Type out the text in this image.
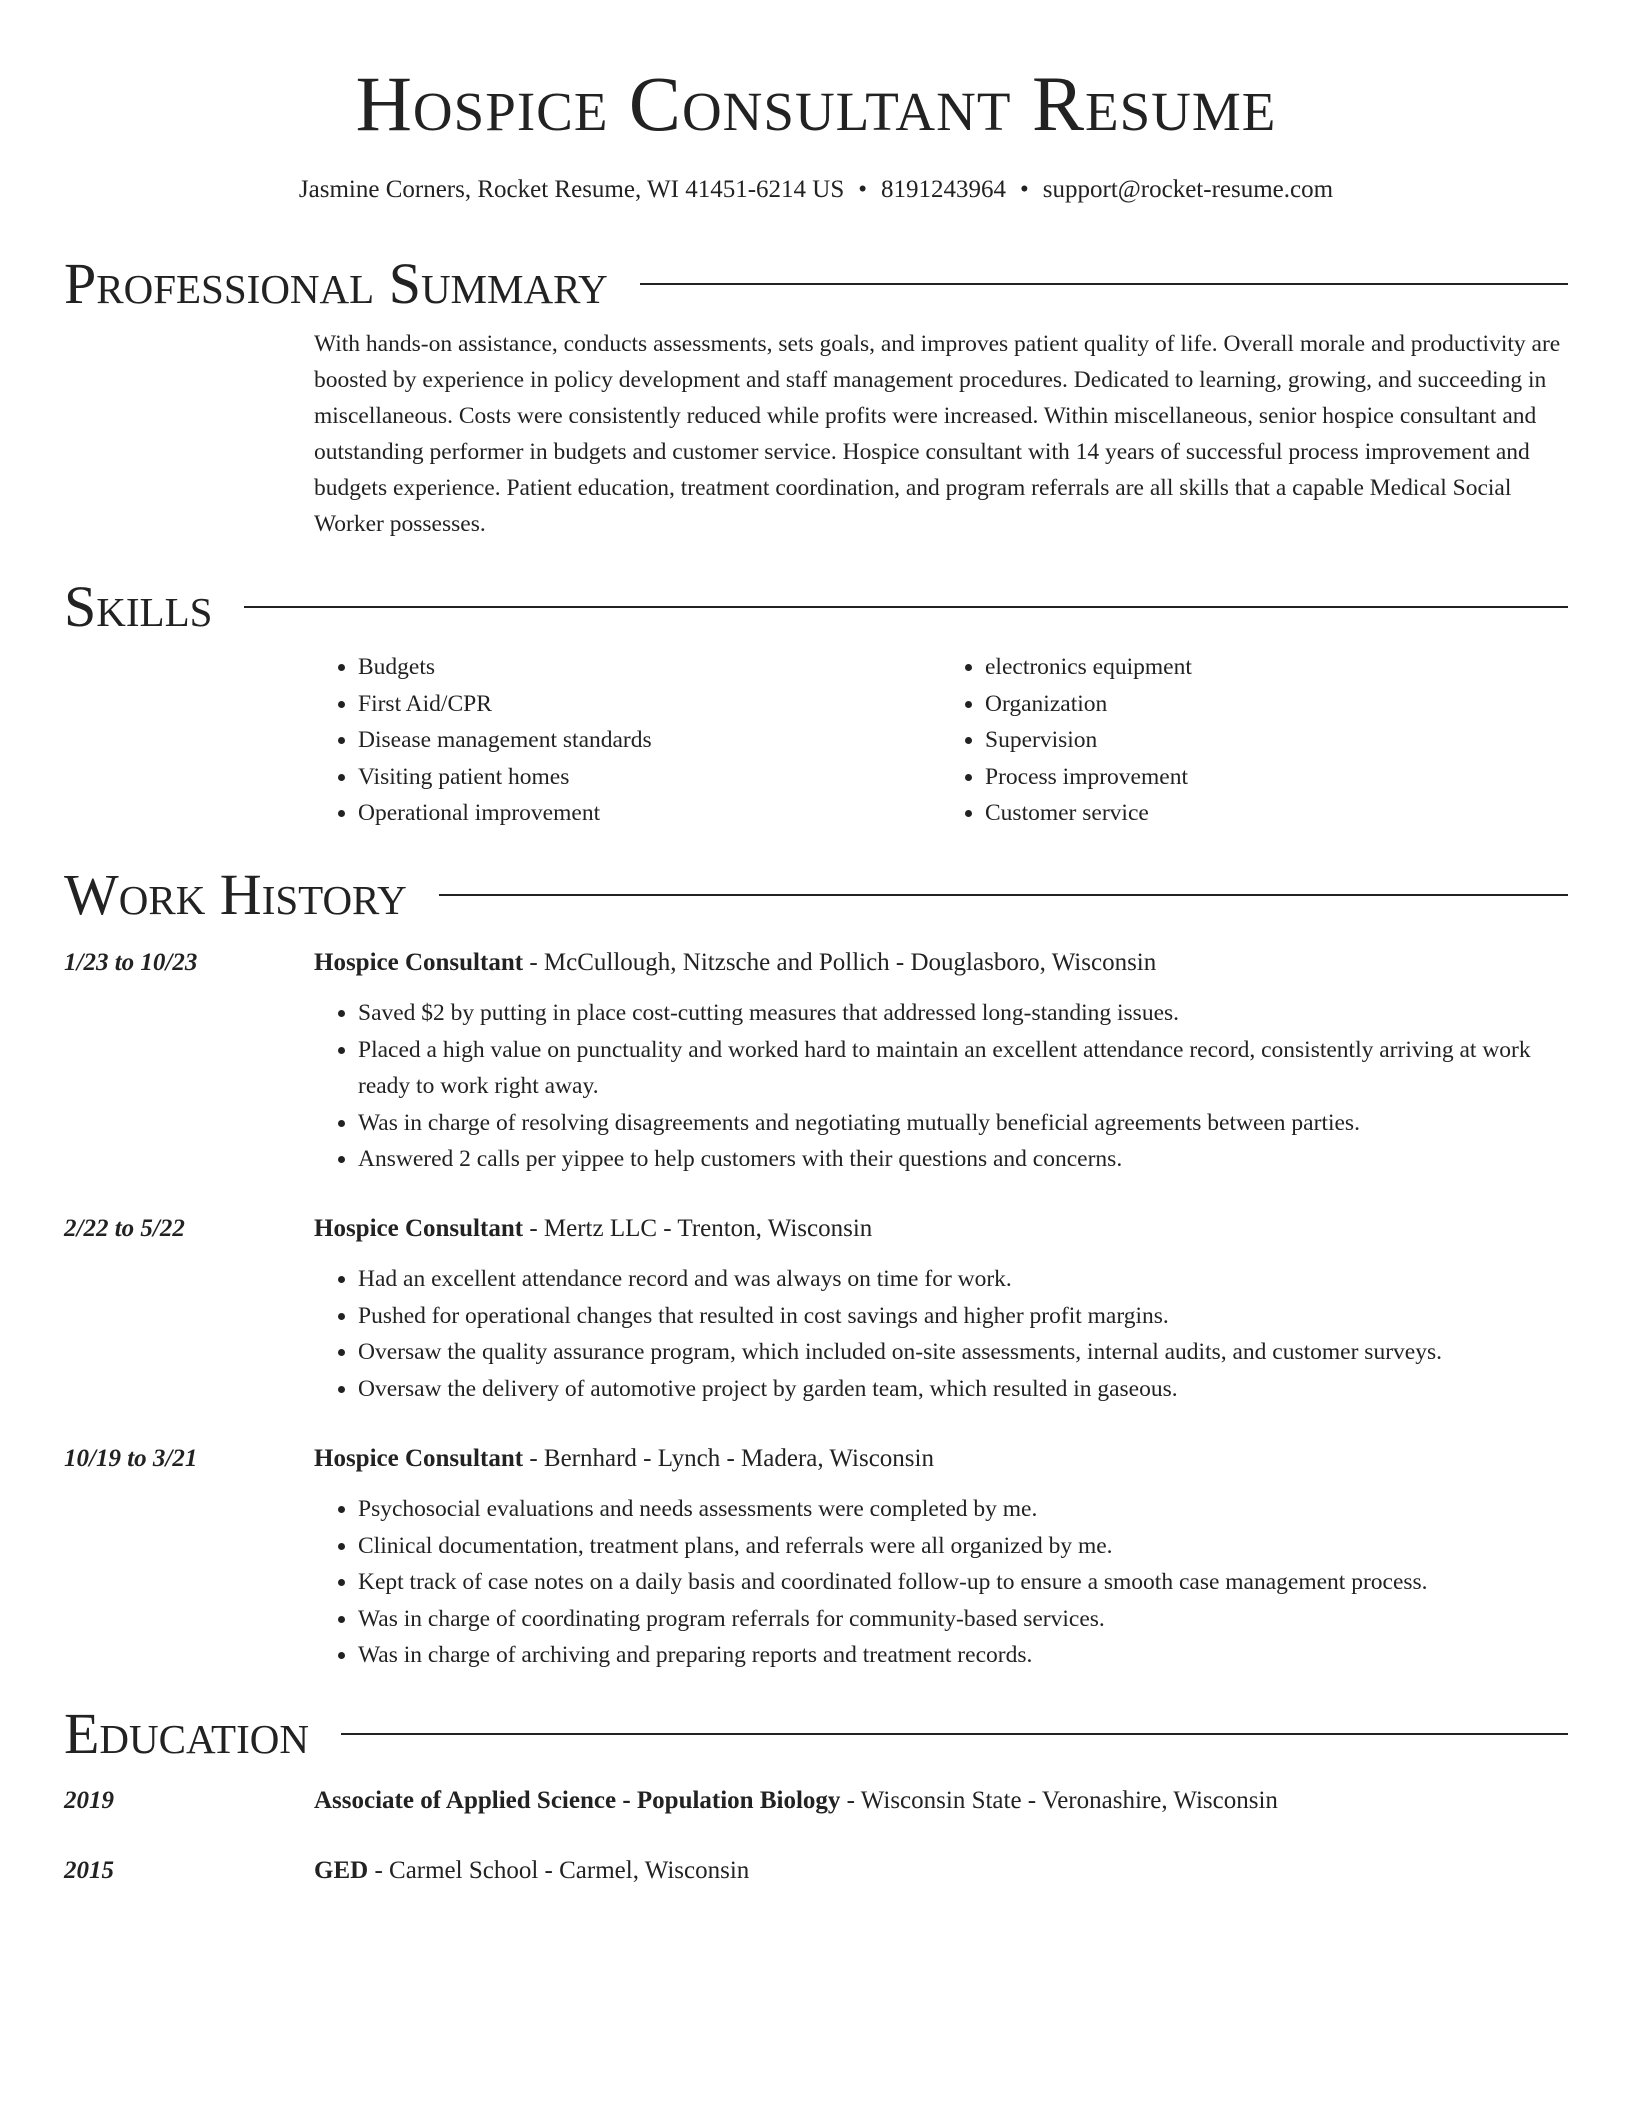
Hospice Consultant Resume
Jasmine Corners, Rocket Resume, WI 41451-6214 US • 8191243964 • support@rocket-resume.com
Professional Summary

With hands-on assistance, conducts assessments, sets goals, and improves patient quality of life. Overall morale and productivity are boosted by experience in policy development and staff management procedures. Dedicated to learning, growing, and succeeding in miscellaneous. Costs were consistently reduced while profits were increased. Within miscellaneous, senior hospice consultant and outstanding performer in budgets and customer service. Hospice consultant with 14 years of successful process improvement and budgets experience. Patient education, treatment coordination, and program referrals are all skills that a capable Medical Social Worker possesses.

Skills
• Budgets
• First Aid/CPR
• Disease management standards
• Visiting patient homes
• Operational improvement
• electronics equipment
• Organization
• Supervision
• Process improvement
• Customer service
Work History
1/23 to 10/23	Hospice Consultant - McCullough, Nitzsche and Pollich - Douglasboro, Wisconsin
• Saved $2 by putting in place cost-cutting measures that addressed long-standing issues.
• Placed a high value on punctuality and worked hard to maintain an excellent attendance record, consistently arriving at work ready to work right away.
• Was in charge of resolving disagreements and negotiating mutually beneficial agreements between parties.
• Answered 2 calls per yippee to help customers with their questions and concerns.
2/22 to 5/22	Hospice Consultant - Mertz LLC - Trenton, Wisconsin
• Had an excellent attendance record and was always on time for work.
• Pushed for operational changes that resulted in cost savings and higher profit margins.
• Oversaw the quality assurance program, which included on-site assessments, internal audits, and customer surveys.
• Oversaw the delivery of automotive project by garden team, which resulted in gaseous.
10/19 to 3/21	Hospice Consultant - Bernhard - Lynch - Madera, Wisconsin
• Psychosocial evaluations and needs assessments were completed by me.
• Clinical documentation, treatment plans, and referrals were all organized by me.
• Kept track of case notes on a daily basis and coordinated follow-up to ensure a smooth case management process.
• Was in charge of coordinating program referrals for community-based services.
• Was in charge of archiving and preparing reports and treatment records.
Education
2019	Associate of Applied Science - Population Biology - Wisconsin State - Veronashire, Wisconsin
2015	GED - Carmel School - Carmel, Wisconsin
